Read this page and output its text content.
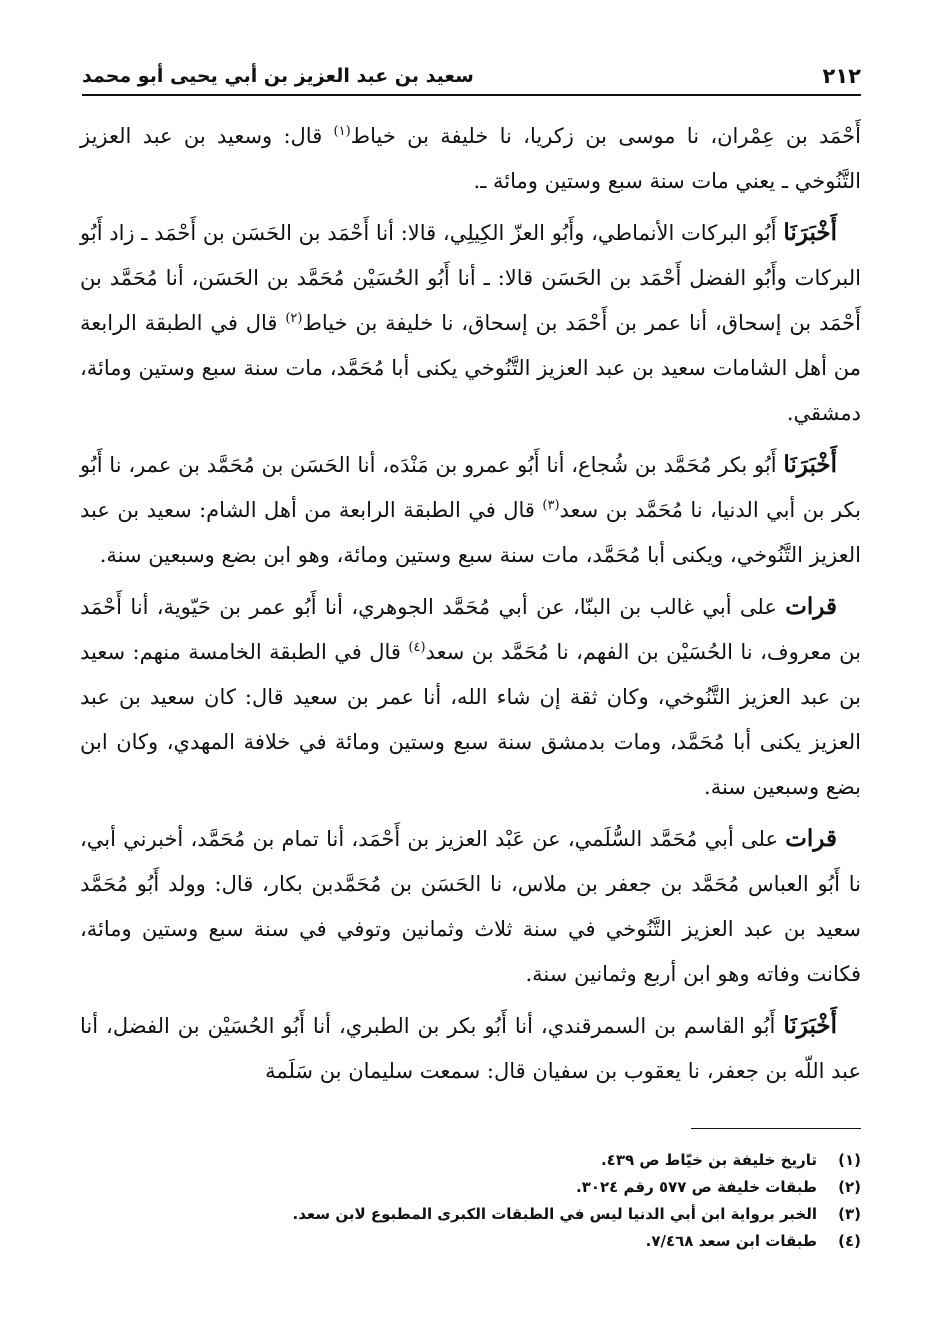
٢١٢
سعيد بن عبد العزيز بن أبي يحيى أبو محمد

أَحْمَد بن عِمْران، نا موسى بن زكريا، نا خليفة بن خياط$^{(١)}$ قال: وسعيد بن عبد العزيز التَّنُوخي ـ يعني مات سنة سبع وستين ومائة ـ.

أَخْبَرَنَا أَبُو البركات الأنماطي، وأَبُو العزّ الكِيلِي، قالا: أنا أَحْمَد بن الحَسَن بن أَحْمَد ـ زاد أَبُو البركات وأَبُو الفضل أَحْمَد بن الحَسَن قالا: ـ أنا أَبُو الحُسَيْن مُحَمَّد بن الحَسَن، أنا مُحَمَّد بن أَحْمَد بن إسحاق، أنا عمر بن أَحْمَد بن إسحاق، نا خليفة بن خياط$^{(٢)}$ قال في الطبقة الرابعة من أهل الشامات سعيد بن عبد العزيز التَّنُوخي يكنى أبا مُحَمَّد، مات سنة سبع وستين ومائة، دمشقي.

أَخْبَرَنَا أَبُو بكر مُحَمَّد بن شُجاع، أنا أَبُو عمرو بن مَنْدَه، أنا الحَسَن بن مُحَمَّد بن عمر، نا أَبُو بكر بن أبي الدنيا، نا مُحَمَّد بن سعد$^{(٣)}$ قال في الطبقة الرابعة من أهل الشام: سعيد بن عبد العزيز التَّنُوخي، ويكنى أبا مُحَمَّد، مات سنة سبع وستين ومائة، وهو ابن بضع وسبعين سنة.

قرات على أبي غالب بن البنّا، عن أبي مُحَمَّد الجوهري، أنا أَبُو عمر بن حَيّوية، أنا أَحْمَد بن معروف، نا الحُسَيْن بن الفهم، نا مُحَمَّد بن سعد$^{(٤)}$ قال في الطبقة الخامسة منهم: سعيد بن عبد العزيز التَّنُوخي، وكان ثقة إن شاء الله، أنا عمر بن سعيد قال: كان سعيد بن عبد العزيز يكنى أبا مُحَمَّد، ومات بدمشق سنة سبع وستين ومائة في خلافة المهدي، وكان ابن بضع وسبعين سنة.

قرات على أبي مُحَمَّد السُّلَمي، عن عَبْد العزيز بن أَحْمَد، أنا تمام بن مُحَمَّد، أخبرني أبي، نا أَبُو العباس مُحَمَّد بن جعفر بن ملاس، نا الحَسَن بن مُحَمَّدبن بكار، قال: وولد أَبُو مُحَمَّد سعيد بن عبد العزيز التَّنُوخي في سنة ثلاث وثمانين وتوفي في سنة سبع وستين ومائة، فكانت وفاته وهو ابن أربع وثمانين سنة.

أَخْبَرَنَا أَبُو القاسم بن السمرقندي، أنا أَبُو بكر بن الطبري، أنا أَبُو الحُسَيْن بن الفضل، أنا عبد اللّه بن جعفر، نا يعقوب بن سفيان قال: سمعت سليمان بن سَلَمة

(١)
تاريخ خليفة بن خيّاط ص ٤٣٩.
(٢)
طبقات خليفة ص ٥٧٧ رقم ٣٠٢٤.
(٣)
الخبر برواية ابن أبي الدنيا ليس في الطبقات الكبرى المطبوع لابن سعد.
(٤)
طبقات ابن سعد ٧/٤٦٨.
